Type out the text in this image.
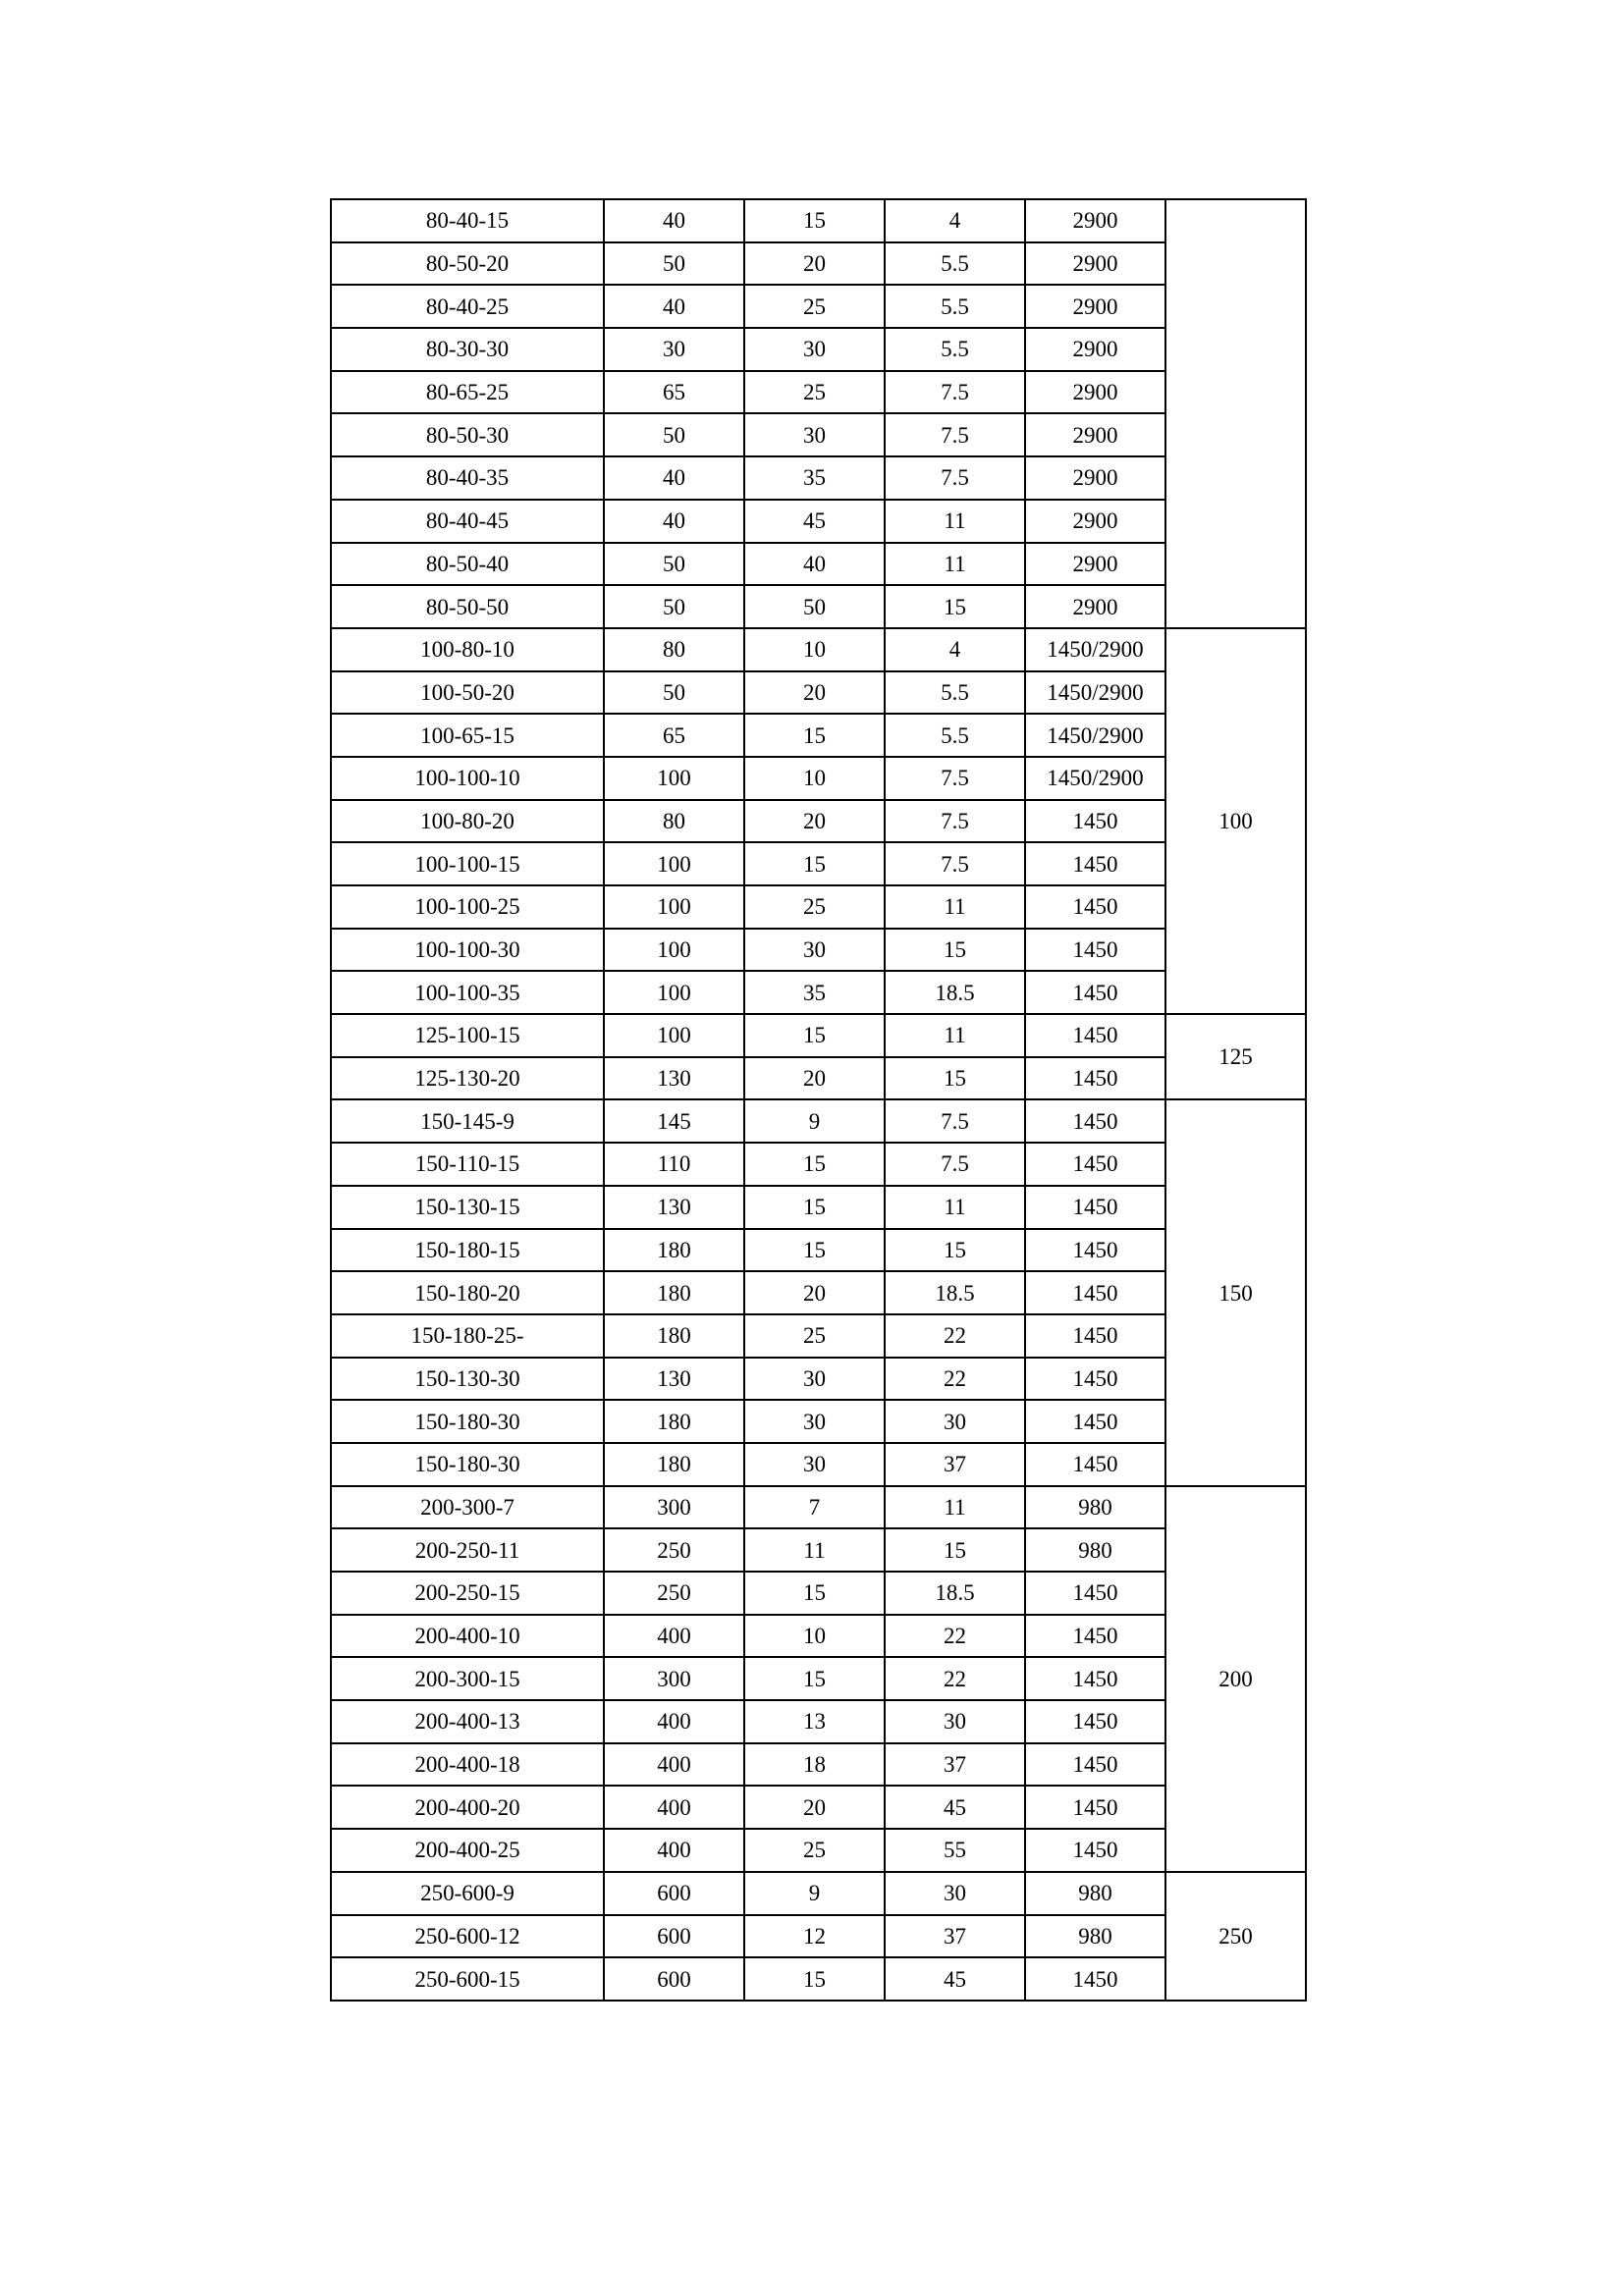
80-40-15	40	15	4	2900	
80-50-20	50	20	5.5	2900	
80-40-25	40	25	5.5	2900	
80-30-30	30	30	5.5	2900	
80-65-25	65	25	7.5	2900	
80-50-30	50	30	7.5	2900	
80-40-35	40	35	7.5	2900	
80-40-45	40	45	11	2900	
80-50-40	50	40	11	2900	
80-50-50	50	50	15	2900	
100-80-10	80	10	4	1450/2900	100
100-50-20	50	20	5.5	1450/2900	
100-65-15	65	15	5.5	1450/2900	
100-100-10	100	10	7.5	1450/2900	
100-80-20	80	20	7.5	1450	
100-100-15	100	15	7.5	1450	
100-100-25	100	25	11	1450	
100-100-30	100	30	15	1450	
100-100-35	100	35	18.5	1450	
125-100-15	100	15	11	1450	125
125-130-20	130	20	15	1450	
150-145-9	145	9	7.5	1450	150
150-110-15	110	15	7.5	1450	
150-130-15	130	15	11	1450	
150-180-15	180	15	15	1450	
150-180-20	180	20	18.5	1450	
150-180-25-	180	25	22	1450	
150-130-30	130	30	22	1450	
150-180-30	180	30	30	1450	
150-180-30	180	30	37	1450	
200-300-7	300	7	11	980	200
200-250-11	250	11	15	980	
200-250-15	250	15	18.5	1450	
200-400-10	400	10	22	1450	
200-300-15	300	15	22	1450	
200-400-13	400	13	30	1450	
200-400-18	400	18	37	1450	
200-400-20	400	20	45	1450	
200-400-25	400	25	55	1450	
250-600-9	600	9	30	980	250
250-600-12	600	12	37	980	
250-600-15	600	15	45	1450	
